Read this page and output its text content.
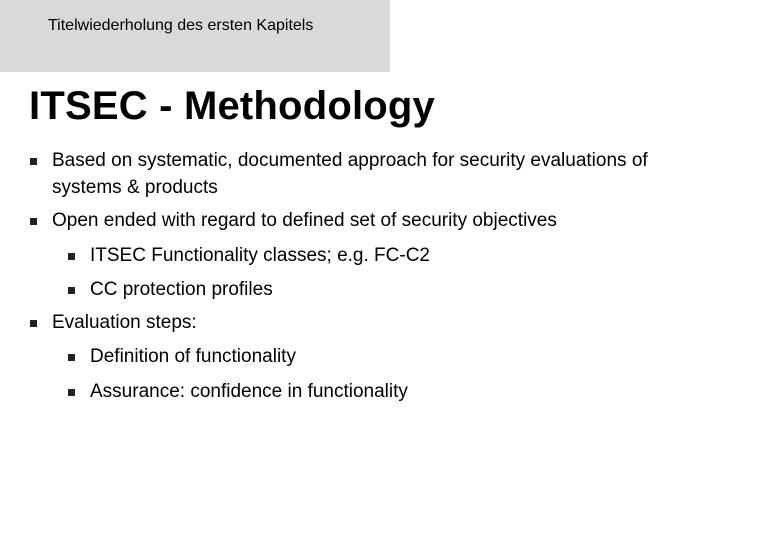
Titelwiederholung des ersten Kapitels
ITSEC - Methodology
Based on systematic, documented approach for security evaluations of
systems & products
Open ended with regard to defined set of security objectives
ITSEC Functionality classes; e.g. FC-C2
CC protection profiles
Evaluation steps:
Definition of functionality
Assurance: confidence in functionality
